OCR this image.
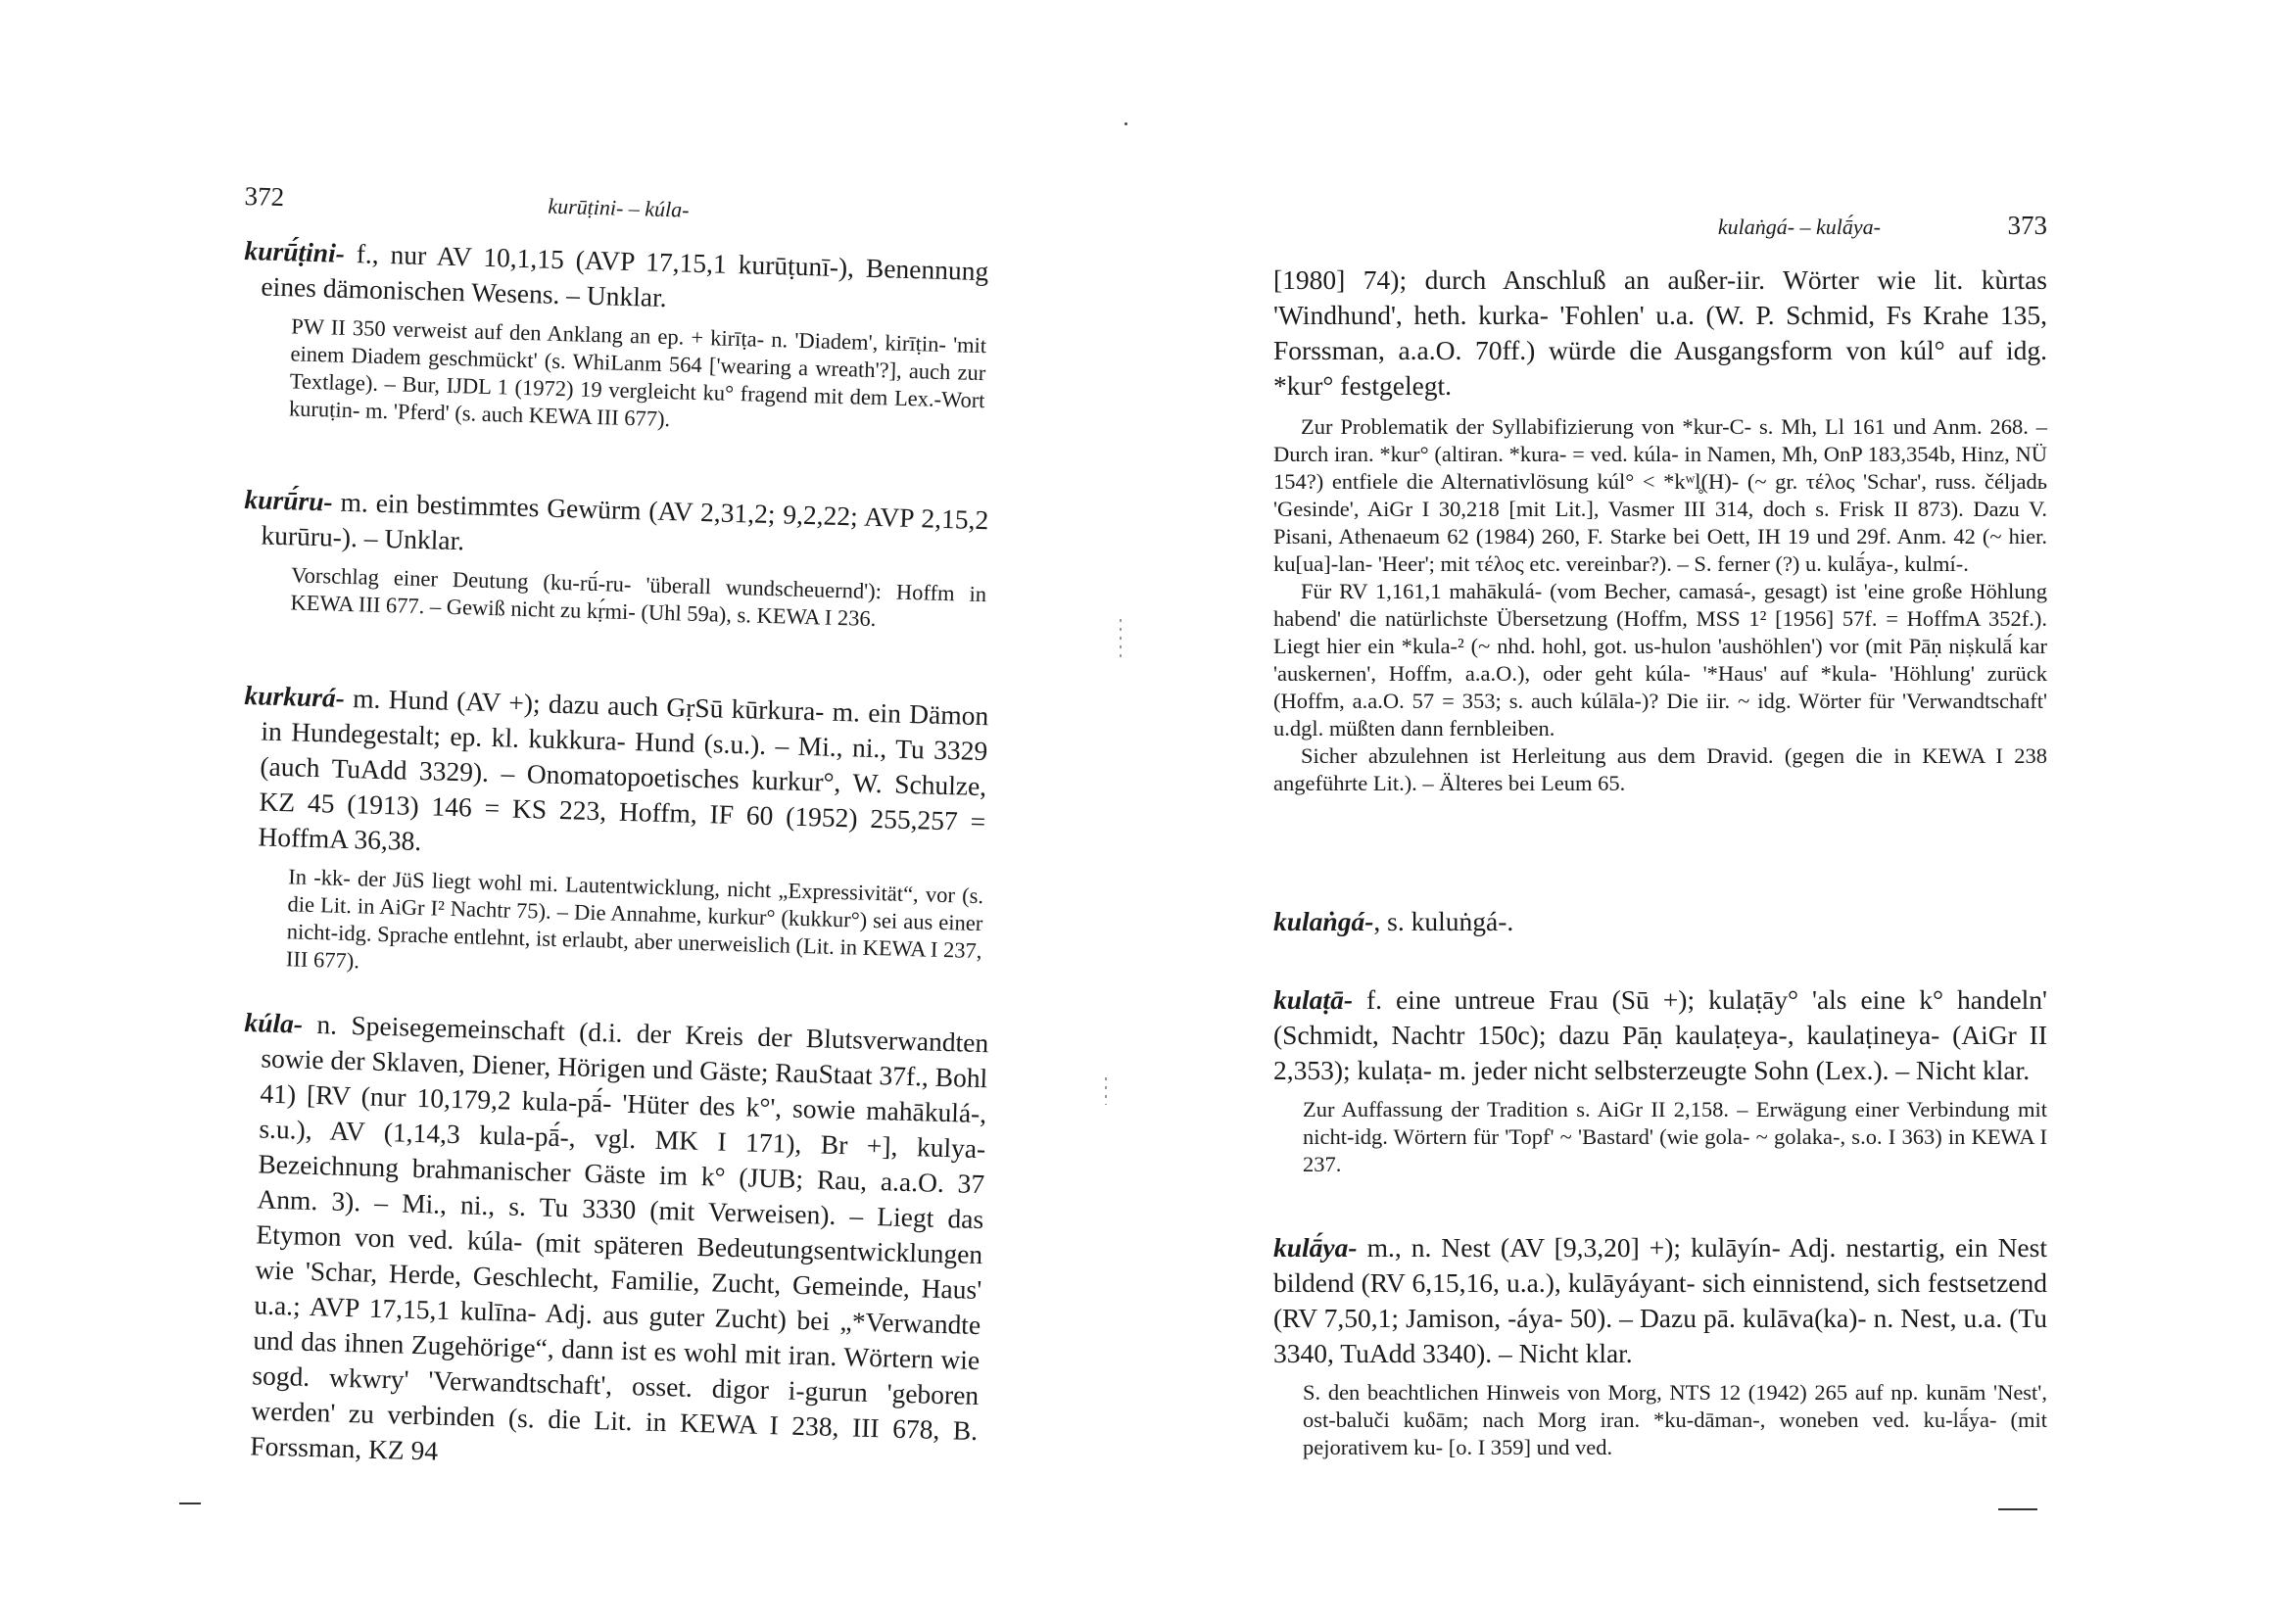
372	kurūṭini- – kúla-

kurū́ṭini- f., nur AV 10,1,15 (AVP 17,15,1 kurūṭunī-), Benennung eines dämonischen Wesens. – Unklar.

PW II 350 verweist auf den Anklang an ep. + kirīṭa- n. 'Diadem', kirīṭin- 'mit einem Diadem geschmückt' (s. WhiLanm 564 ['wearing a wreath'?], auch zur Textlage). – Bur, IJDL 1 (1972) 19 vergleicht ku° fragend mit dem Lex.-Wort kuruṭin- m. 'Pferd' (s. auch KEWA III 677).

kurū́ru- m. ein bestimmtes Gewürm (AV 2,31,2; 9,2,22; AVP 2,15,2 kurūru-). – Unklar.

Vorschlag einer Deutung (ku-rū́-ru- 'überall wundscheuernd'): Hoffm in KEWA III 677. – Gewiß nicht zu kṛ́mi- (Uhl 59a), s. KEWA I 236.

kurkurá- m. Hund (AV +); dazu auch GṛSū kūrkura- m. ein Dämon in Hundegestalt; ep. kl. kukkura- Hund (s.u.). – Mi., ni., Tu 3329 (auch TuAdd 3329). – Onomatopoetisches kurkur°, W. Schulze, KZ 45 (1913) 146 = KS 223, Hoffm, IF 60 (1952) 255,257 = HoffmA 36,38.

In -kk- der JüS liegt wohl mi. Lautentwicklung, nicht „Expressivität“, vor (s. die Lit. in AiGr I² Nachtr 75). – Die Annahme, kurkur° (kukkur°) sei aus einer nicht-idg. Sprache entlehnt, ist erlaubt, aber unerweislich (Lit. in KEWA I 237, III 677).

kúla- n. Speisegemeinschaft (d.i. der Kreis der Blutsverwandten sowie der Sklaven, Diener, Hörigen und Gäste; RauStaat 37f., Bohl 41) [RV (nur 10,179,2 kula-pā́- 'Hüter des k°', sowie mahākulá-, s.u.), AV (1,14,3 kula-pā́-, vgl. MK I 171), Br +], kulya- Bezeichnung brahmanischer Gäste im k° (JUB; Rau, a.a.O. 37 Anm. 3). – Mi., ni., s. Tu 3330 (mit Verweisen). – Liegt das Etymon von ved. kúla- (mit späteren Bedeutungsentwicklungen wie 'Schar, Herde, Geschlecht, Familie, Zucht, Gemeinde, Haus' u.a.; AVP 17,15,1 kulīna- Adj. aus guter Zucht) bei „*Verwandte und das ihnen Zugehörige“, dann ist es wohl mit iran. Wörtern wie sogd. wkwry' 'Verwandtschaft', osset. digor i-gurun 'geboren werden' zu verbinden (s. die Lit. in KEWA I 238, III 678, B. Forssman, KZ 94

kulaṅgá- – kulā́ya-	373

[1980] 74); durch Anschluß an außer-iir. Wörter wie lit. kùrtas 'Windhund', heth. kurka- 'Fohlen' u.a. (W. P. Schmid, Fs Krahe 135, Forssman, a.a.O. 70ff.) würde die Ausgangsform von kúl° auf idg. *kur° festgelegt.

Zur Problematik der Syllabifizierung von *kur-C- s. Mh, Ll 161 und Anm. 268. – Durch iran. *kur° (altiran. *kura- = ved. kúla- in Namen, Mh, OnP 183,354b, Hinz, NÜ 154?) entfiele die Alternativlösung kúl° < *kʷl̥(H)- (~ gr. τέλος 'Schar', russ. čéljadь 'Gesinde', AiGr I 30,218 [mit Lit.], Vasmer III 314, doch s. Frisk II 873). Dazu V. Pisani, Athenaeum 62 (1984) 260, F. Starke bei Oett, IH 19 und 29f. Anm. 42 (~ hier. ku[ua]-lan- 'Heer'; mit τέλος etc. vereinbar?). – S. ferner (?) u. kulā́ya-, kulmí-.

Für RV 1,161,1 mahākulá- (vom Becher, camasá-, gesagt) ist 'eine große Höhlung habend' die natürlichste Übersetzung (Hoffm, MSS 1² [1956] 57f. = HoffmA 352f.). Liegt hier ein *kula-² (~ nhd. hohl, got. us-hulon 'aushöhlen') vor (mit Pāṇ niṣkulā́ kar 'auskernen', Hoffm, a.a.O.), oder geht kúla- '*Haus' auf *kula- 'Höhlung' zurück (Hoffm, a.a.O. 57 = 353; s. auch kúlāla-)? Die iir. ~ idg. Wörter für 'Verwandtschaft' u.dgl. müßten dann fernbleiben.

Sicher abzulehnen ist Herleitung aus dem Dravid. (gegen die in KEWA I 238 angeführte Lit.). – Älteres bei Leum 65.

kulaṅgá-, s. kuluṅgá-.

kulaṭā- f. eine untreue Frau (Sū +); kulaṭāy° 'als eine k° handeln' (Schmidt, Nachtr 150c); dazu Pāṇ kaulaṭeya-, kaulaṭineya- (AiGr II 2,353); kulaṭa- m. jeder nicht selbsterzeugte Sohn (Lex.). – Nicht klar.

Zur Auffassung der Tradition s. AiGr II 2,158. – Erwägung einer Verbindung mit nicht-idg. Wörtern für 'Topf' ~ 'Bastard' (wie gola- ~ golaka-, s.o. I 363) in KEWA I 237.

kulā́ya- m., n. Nest (AV [9,3,20] +); kulāyín- Adj. nestartig, ein Nest bildend (RV 6,15,16, u.a.), kulāyáyant- sich einnistend, sich festsetzend (RV 7,50,1; Jamison, -áya- 50). – Dazu pā. kulāva(ka)- n. Nest, u.a. (Tu 3340, TuAdd 3340). – Nicht klar.

S. den beachtlichen Hinweis von Morg, NTS 12 (1942) 265 auf np. kunām 'Nest', ost-baluči kuδām; nach Morg iran. *ku-dāman-, woneben ved. ku-lā́ya- (mit pejorativem ku- [o. I 359] und ved.
